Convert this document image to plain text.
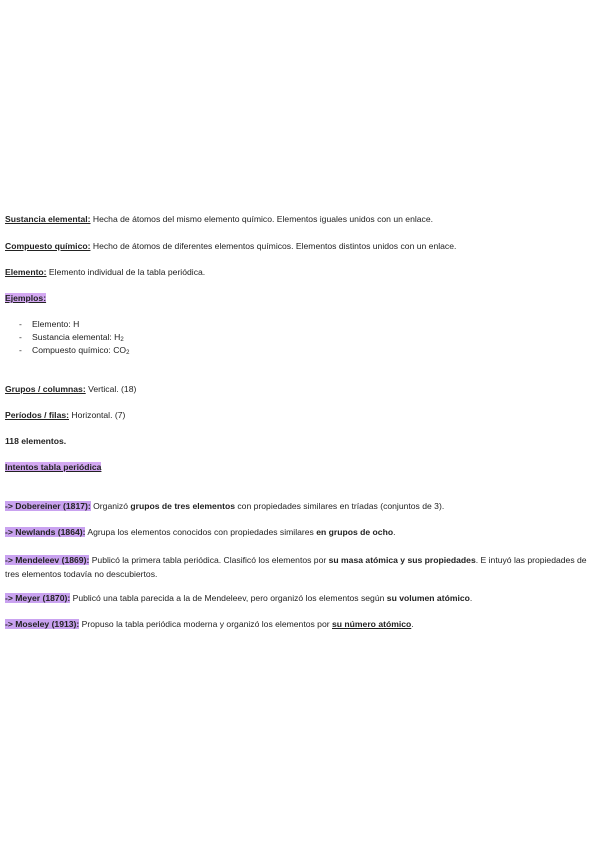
Sustancia elemental: Hecha de átomos del mismo elemento químico. Elementos iguales unidos con un enlace.
Compuesto químico: Hecho de átomos de diferentes elementos químicos. Elementos distintos unidos con un enlace.
Elemento: Elemento individual de la tabla periódica.
Ejemplos:
- Elemento: H
- Sustancia elemental: $H_2$
- Compuesto químico: $CO_2$
Grupos / columnas: Vertical. (18)
Períodos / filas: Horizontal. (7)
118 elementos.
Intentos tabla periódica
-> Dobereiner (1817): Organizó grupos de tres elementos con propiedades similares en tríadas (conjuntos de 3).
-> Newlands (1864): Agrupa los elementos conocidos con propiedades similares en grupos de ocho.
-> Mendeleev (1869): Publicó la primera tabla periódica. Clasificó los elementos por su masa atómica y sus propiedades. E intuyó las propiedades de tres elementos todavía no descubiertos.
-> Meyer (1870): Publicó una tabla parecida a la de Mendeleev, pero organizó los elementos según su volumen atómico.
-> Moseley (1913): Propuso la tabla periódica moderna y organizó los elementos por su número atómico.
